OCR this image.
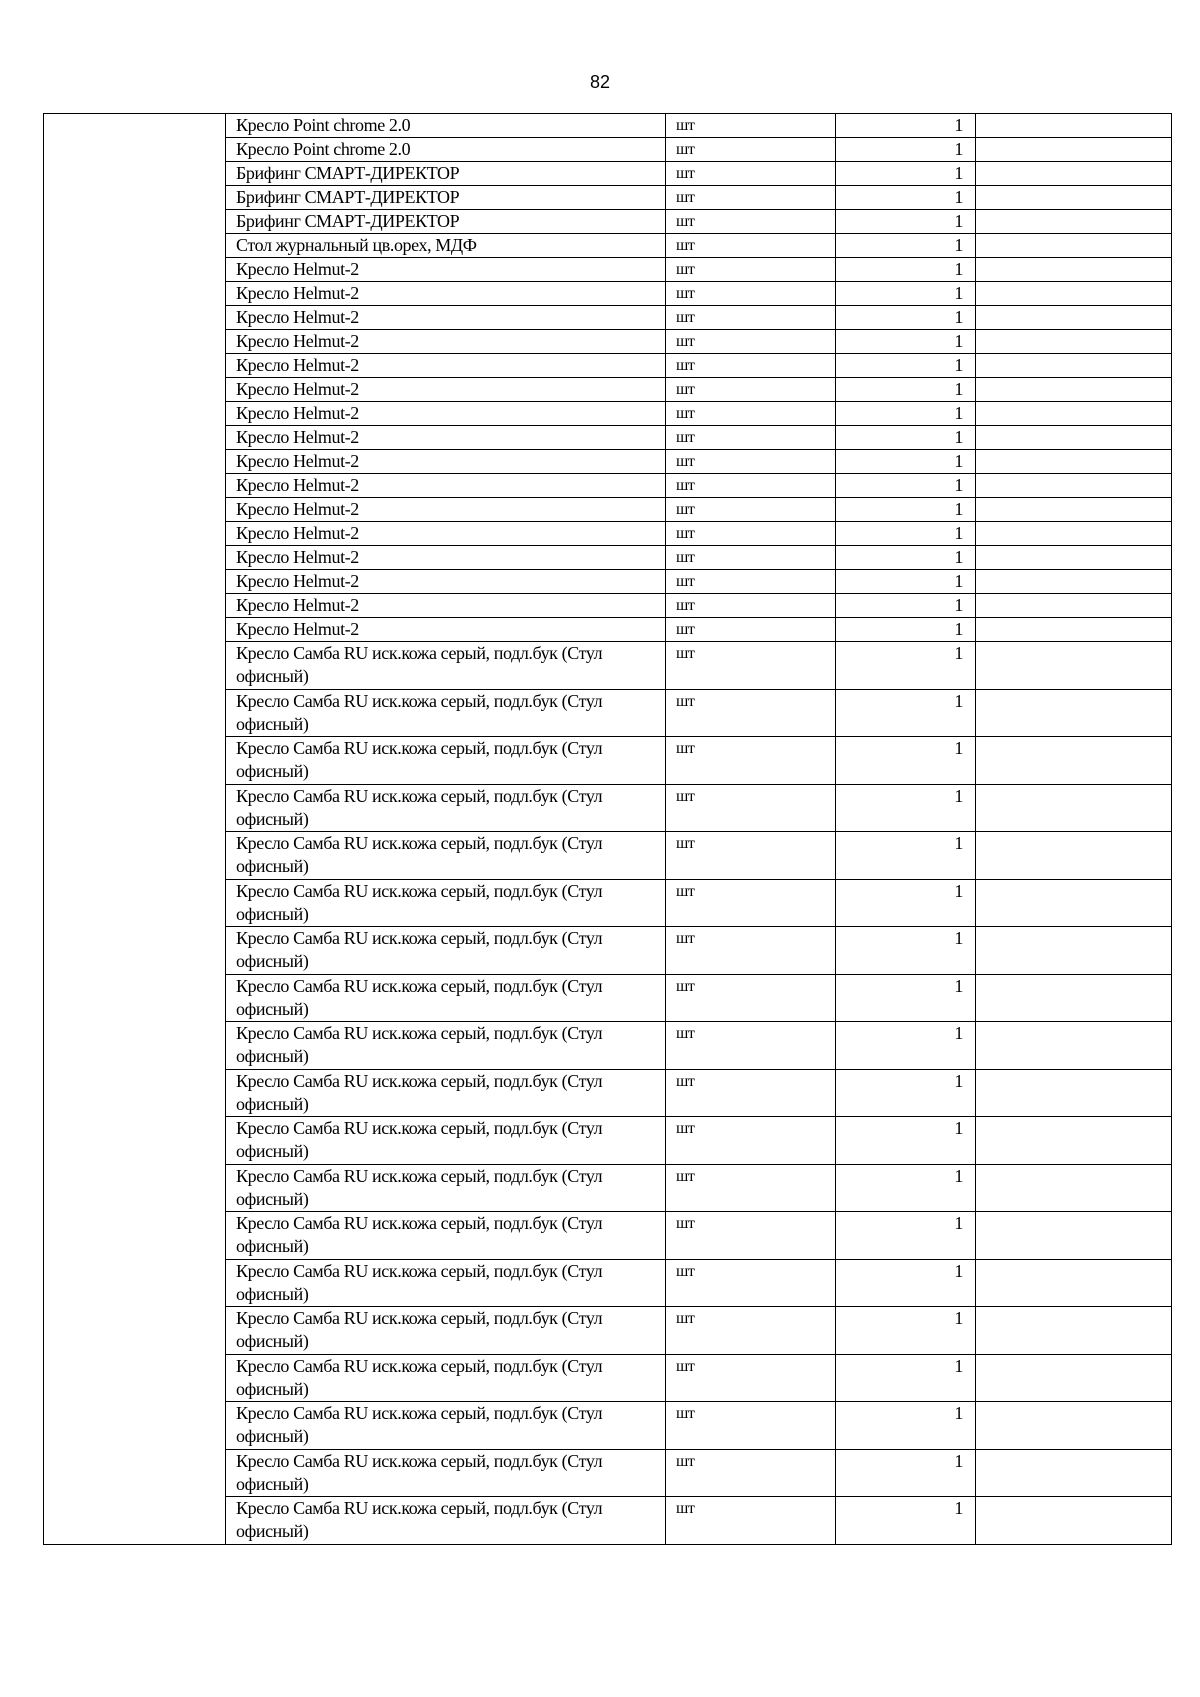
82
	Кресло Point chrome 2.0	шт	1	
	Кресло Point chrome 2.0	шт	1	
	Брифинг СМАРТ-ДИРЕКТОР	шт	1	
	Брифинг СМАРТ-ДИРЕКТОР	шт	1	
	Брифинг СМАРТ-ДИРЕКТОР	шт	1	
	Стол журнальный цв.орех, МДФ	шт	1	
	Кресло Helmut-2	шт	1	
	Кресло Helmut-2	шт	1	
	Кресло Helmut-2	шт	1	
	Кресло Helmut-2	шт	1	
	Кресло Helmut-2	шт	1	
	Кресло Helmut-2	шт	1	
	Кресло Helmut-2	шт	1	
	Кресло Helmut-2	шт	1	
	Кресло Helmut-2	шт	1	
	Кресло Helmut-2	шт	1	
	Кресло Helmut-2	шт	1	
	Кресло Helmut-2	шт	1	
	Кресло Helmut-2	шт	1	
	Кресло Helmut-2	шт	1	
	Кресло Helmut-2	шт	1	
	Кресло Helmut-2	шт	1	
	Кресло Самба RU иск.кожа серый, подл.бук (Стул офисный)	шт	1	
	Кресло Самба RU иск.кожа серый, подл.бук (Стул офисный)	шт	1	
	Кресло Самба RU иск.кожа серый, подл.бук (Стул офисный)	шт	1	
	Кресло Самба RU иск.кожа серый, подл.бук (Стул офисный)	шт	1	
	Кресло Самба RU иск.кожа серый, подл.бук (Стул офисный)	шт	1	
	Кресло Самба RU иск.кожа серый, подл.бук (Стул офисный)	шт	1	
	Кресло Самба RU иск.кожа серый, подл.бук (Стул офисный)	шт	1	
	Кресло Самба RU иск.кожа серый, подл.бук (Стул офисный)	шт	1	
	Кресло Самба RU иск.кожа серый, подл.бук (Стул офисный)	шт	1	
	Кресло Самба RU иск.кожа серый, подл.бук (Стул офисный)	шт	1	
	Кресло Самба RU иск.кожа серый, подл.бук (Стул офисный)	шт	1	
	Кресло Самба RU иск.кожа серый, подл.бук (Стул офисный)	шт	1	
	Кресло Самба RU иск.кожа серый, подл.бук (Стул офисный)	шт	1	
	Кресло Самба RU иск.кожа серый, подл.бук (Стул офисный)	шт	1	
	Кресло Самба RU иск.кожа серый, подл.бук (Стул офисный)	шт	1	
	Кресло Самба RU иск.кожа серый, подл.бук (Стул офисный)	шт	1	
	Кресло Самба RU иск.кожа серый, подл.бук (Стул офисный)	шт	1	
	Кресло Самба RU иск.кожа серый, подл.бук (Стул офисный)	шт	1	
	Кресло Самба RU иск.кожа серый, подл.бук (Стул офисный)	шт	1	
